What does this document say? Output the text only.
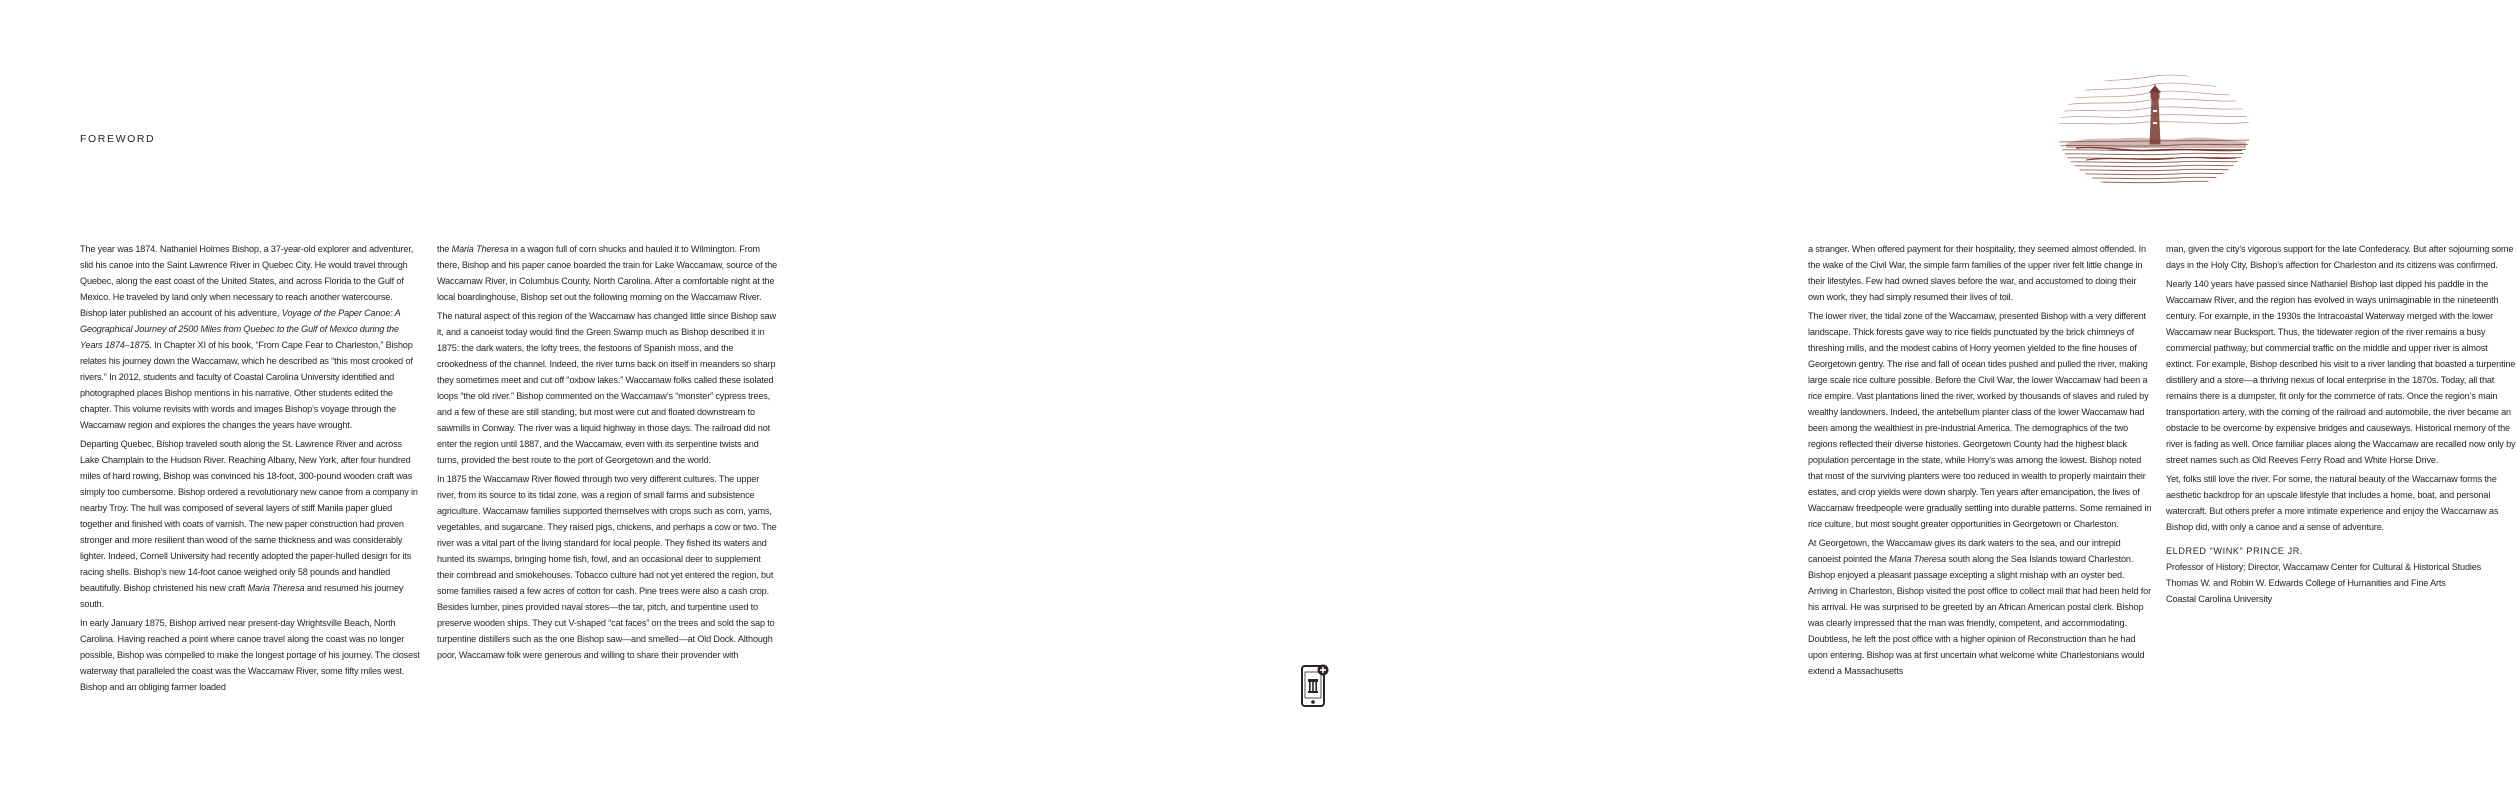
FOREWORD

The year was 1874. Nathaniel Holmes Bishop, a 37-year-old explorer and adventurer, slid his canoe into the Saint Lawrence River in Quebec City. He would travel through Quebec, along the east coast of the United States, and across Florida to the Gulf of Mexico. He traveled by land only when necessary to reach another watercourse. Bishop later published an account of his adventure, Voyage of the Paper Canoe: A Geographical Journey of 2500 Miles from Quebec to the Gulf of Mexico during the Years 1874–1875. In Chapter XI of his book, “From Cape Fear to Charleston,” Bishop relates his journey down the Waccamaw, which he described as “this most crooked of rivers.” In 2012, students and faculty of Coastal Carolina University identified and photographed places Bishop mentions in his narrative. Other students edited the chapter. This volume revisits with words and images Bishop’s voyage through the Waccamaw region and explores the changes the years have wrought.

Departing Quebec, Bishop traveled south along the St. Lawrence River and across Lake Champlain to the Hudson River. Reaching Albany, New York, after four hundred miles of hard rowing, Bishop was convinced his 18-foot, 300-pound wooden craft was simply too cumbersome. Bishop ordered a revolutionary new canoe from a company in nearby Troy. The hull was composed of several layers of stiff Manila paper glued together and finished with coats of varnish. The new paper construction had proven stronger and more resilient than wood of the same thickness and was considerably lighter. Indeed, Cornell University had recently adopted the paper-hulled design for its racing shells. Bishop’s new 14-foot canoe weighed only 58 pounds and handled beautifully. Bishop christened his new craft Maria Theresa and resumed his journey south.

In early January 1875, Bishop arrived near present-day Wrightsville Beach, North Carolina. Having reached a point where canoe travel along the coast was no longer possible, Bishop was compelled to make the longest portage of his journey. The closest waterway that paralleled the coast was the Waccamaw River, some fifty miles west. Bishop and an obliging farmer loaded

the Maria Theresa in a wagon full of corn shucks and hauled it to Wilmington. From there, Bishop and his paper canoe boarded the train for Lake Waccamaw, source of the Waccamaw River, in Columbus County, North Carolina. After a comfortable night at the local boardinghouse, Bishop set out the following morning on the Waccamaw River.

The natural aspect of this region of the Waccamaw has changed little since Bishop saw it, and a canoeist today would find the Green Swamp much as Bishop described it in 1875: the dark waters, the lofty trees, the festoons of Spanish moss, and the crookedness of the channel. Indeed, the river turns back on itself in meanders so sharp they sometimes meet and cut off “oxbow lakes.” Waccamaw folks called these isolated loops “the old river.” Bishop commented on the Waccamaw’s “monster” cypress trees, and a few of these are still standing, but most were cut and floated downstream to sawmills in Conway. The river was a liquid highway in those days. The railroad did not enter the region until 1887, and the Waccamaw, even with its serpentine twists and turns, provided the best route to the port of Georgetown and the world.

In 1875 the Waccamaw River flowed through two very different cultures. The upper river, from its source to its tidal zone, was a region of small farms and subsistence agriculture. Waccamaw families supported themselves with crops such as corn, yams, vegetables, and sugarcane. They raised pigs, chickens, and perhaps a cow or two. The river was a vital part of the living standard for local people. They fished its waters and hunted its swamps, bringing home fish, fowl, and an occasional deer to supplement their cornbread and smokehouses. Tobacco culture had not yet entered the region, but some families raised a few acres of cotton for cash. Pine trees were also a cash crop. Besides lumber, pines provided naval stores—the tar, pitch, and turpentine used to preserve wooden ships. They cut V-shaped “cat faces” on the trees and sold the sap to turpentine distillers such as the one Bishop saw—and smelled—at Old Dock. Although poor, Waccamaw folk were generous and willing to share their provender with

a stranger. When offered payment for their hospitality, they seemed almost offended. In the wake of the Civil War, the simple farm families of the upper river felt little change in their lifestyles. Few had owned slaves before the war, and accustomed to doing their own work, they had simply resumed their lives of toil.

The lower river, the tidal zone of the Waccamaw, presented Bishop with a very different landscape. Thick forests gave way to rice fields punctuated by the brick chimneys of threshing mills, and the modest cabins of Horry yeomen yielded to the fine houses of Georgetown gentry. The rise and fall of ocean tides pushed and pulled the river, making large scale rice culture possible. Before the Civil War, the lower Waccamaw had been a rice empire. Vast plantations lined the river, worked by thousands of slaves and ruled by wealthy landowners. Indeed, the antebellum planter class of the lower Waccamaw had been among the wealthiest in pre-industrial America. The demographics of the two regions reflected their diverse histories. Georgetown County had the highest black population percentage in the state, while Horry’s was among the lowest. Bishop noted that most of the surviving planters were too reduced in wealth to properly maintain their estates, and crop yields were down sharply. Ten years after emancipation, the lives of Waccamaw freedpeople were gradually settling into durable patterns. Some remained in rice culture, but most sought greater opportunities in Georgetown or Charleston.

At Georgetown, the Waccamaw gives its dark waters to the sea, and our intrepid canoeist pointed the Maria Theresa south along the Sea Islands toward Charleston. Bishop enjoyed a pleasant passage excepting a slight mishap with an oyster bed. Arriving in Charleston, Bishop visited the post office to collect mail that had been held for his arrival. He was surprised to be greeted by an African American postal clerk. Bishop was clearly impressed that the man was friendly, competent, and accommodating. Doubtless, he left the post office with a higher opinion of Reconstruction than he had upon entering. Bishop was at first uncertain what welcome white Charlestonians would extend a Massachusetts

man, given the city’s vigorous support for the late Confederacy. But after sojourning some days in the Holy City, Bishop’s affection for Charleston and its citizens was confirmed.

Nearly 140 years have passed since Nathaniel Bishop last dipped his paddle in the Waccamaw River, and the region has evolved in ways unimaginable in the nineteenth century. For example, in the 1930s the Intracoastal Waterway merged with the lower Waccamaw near Bucksport. Thus, the tidewater region of the river remains a busy commercial pathway, but commercial traffic on the middle and upper river is almost extinct. For example, Bishop described his visit to a river landing that boasted a turpentine distillery and a store—a thriving nexus of local enterprise in the 1870s. Today, all that remains there is a dumpster, fit only for the commerce of rats. Once the region’s main transportation artery, with the coming of the railroad and automobile, the river became an obstacle to be overcome by expensive bridges and causeways. Historical memory of the river is fading as well. Once familiar places along the Waccamaw are recalled now only by street names such as Old Reeves Ferry Road and White Horse Drive.

Yet, folks still love the river. For some, the natural beauty of the Waccamaw forms the aesthetic backdrop for an upscale lifestyle that includes a home, boat, and personal watercraft. But others prefer a more intimate experience and enjoy the Waccamaw as Bishop did, with only a canoe and a sense of adventure.

ELDRED “WINK” PRINCE JR.
Professor of History; Director, Waccamaw Center for Cultural & Historical Studies
Thomas W. and Robin W. Edwards College of Humanities and Fine Arts
Coastal Carolina University
